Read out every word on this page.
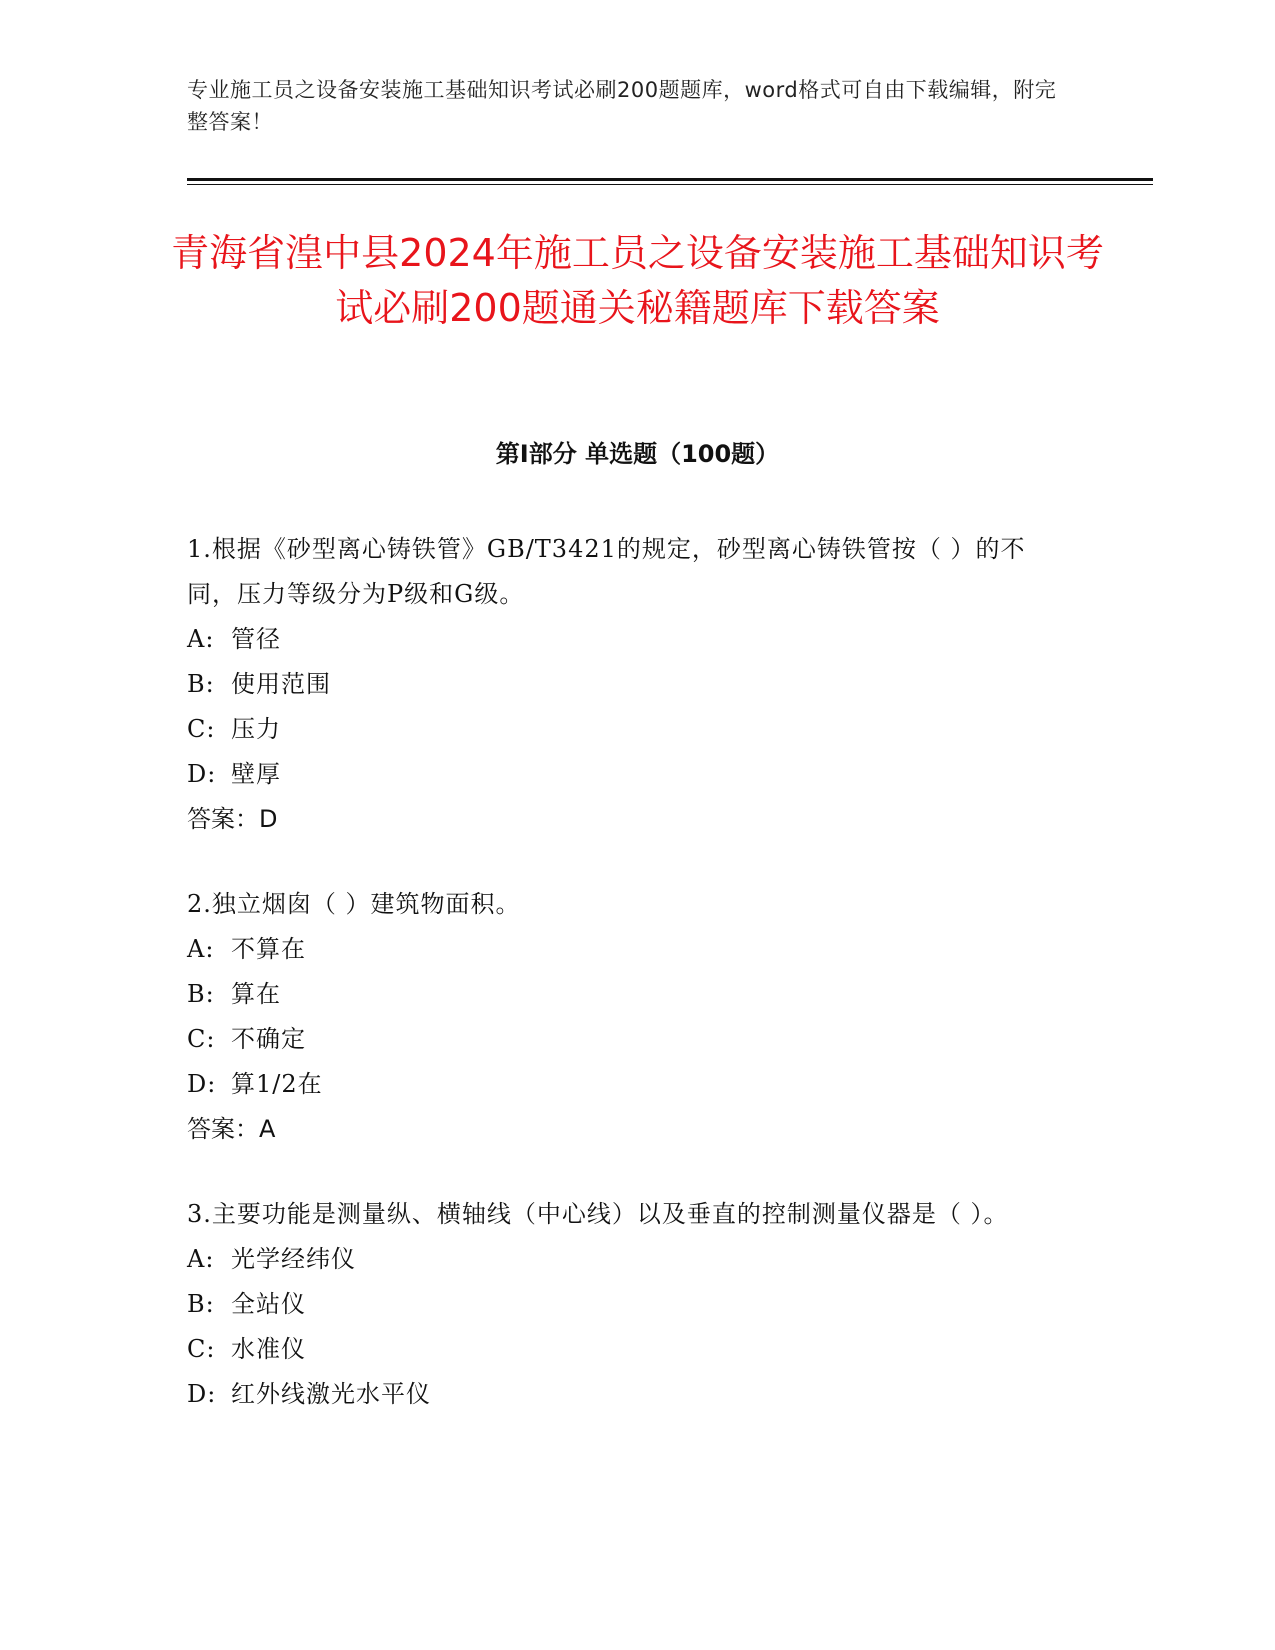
专业施工员之设备安装施工基础知识考试必刷200题题库，word格式可自由下载编辑，附完整答案！
青海省湟中县2024年施工员之设备安装施工基础知识考试必刷200题通关秘籍题库下载答案
第I部分 单选题（100题）

1.根据《砂型离心铸铁管》GB/T3421的规定，砂型离心铸铁管按（ ）的不同，压力等级分为P级和G级。

A: 管径

B: 使用范围

C: 压力

D: 壁厚

答案：D

2.独立烟囱（ ）建筑物面积。

A: 不算在

B: 算在

C: 不确定

D: 算1/2在

答案：A

3.主要功能是测量纵、横轴线（中心线）以及垂直的控制测量仪器是（ ）。

A: 光学经纬仪

B: 全站仪

C: 水准仪

D: 红外线激光水平仪
